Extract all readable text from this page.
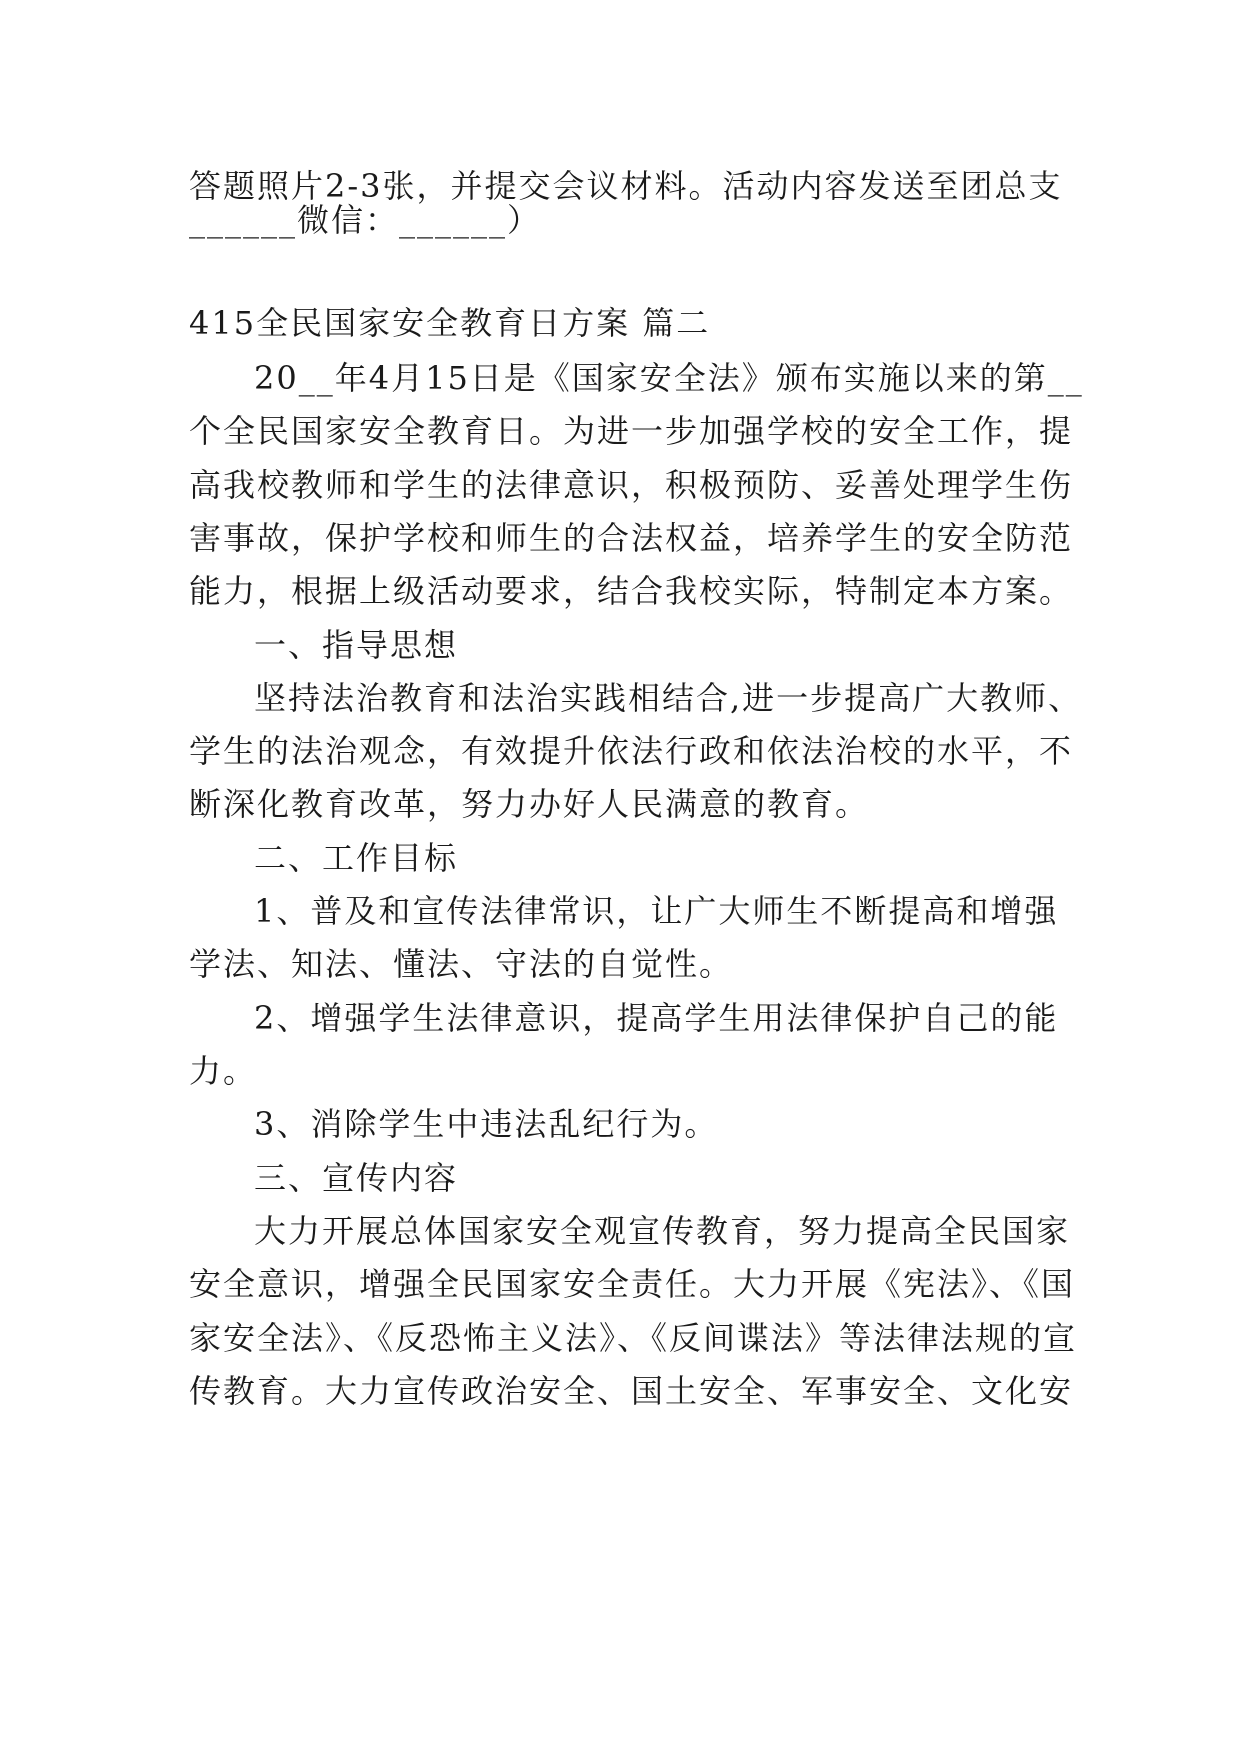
答题照片2-3张，并提交会议材料。活动内容发送至团总支
______微信：______）
415全民国家安全教育日方案 篇二
20__年4月15日是《国家安全法》颁布实施以来的第__
个全民国家安全教育日。为进一步加强学校的安全工作，提
高我校教师和学生的法律意识，积极预防、妥善处理学生伤
害事故，保护学校和师生的合法权益，培养学生的安全防范
能力，根据上级活动要求，结合我校实际，特制定本方案。
一、指导思想
坚持法治教育和法治实践相结合,进一步提高广大教师、
学生的法治观念，有效提升依法行政和依法治校的水平，不
断深化教育改革，努力办好人民满意的教育。
二、工作目标
1、普及和宣传法律常识，让广大师生不断提高和增强
学法、知法、懂法、守法的自觉性。
2、增强学生法律意识，提高学生用法律保护自己的能
力。
3、消除学生中违法乱纪行为。
三、宣传内容
大力开展总体国家安全观宣传教育，努力提高全民国家
安全意识，增强全民国家安全责任。大力开展《宪法》、《国
家安全法》、《反恐怖主义法》、《反间谍法》等法律法规的宣
传教育。大力宣传政治安全、国土安全、军事安全、文化安
